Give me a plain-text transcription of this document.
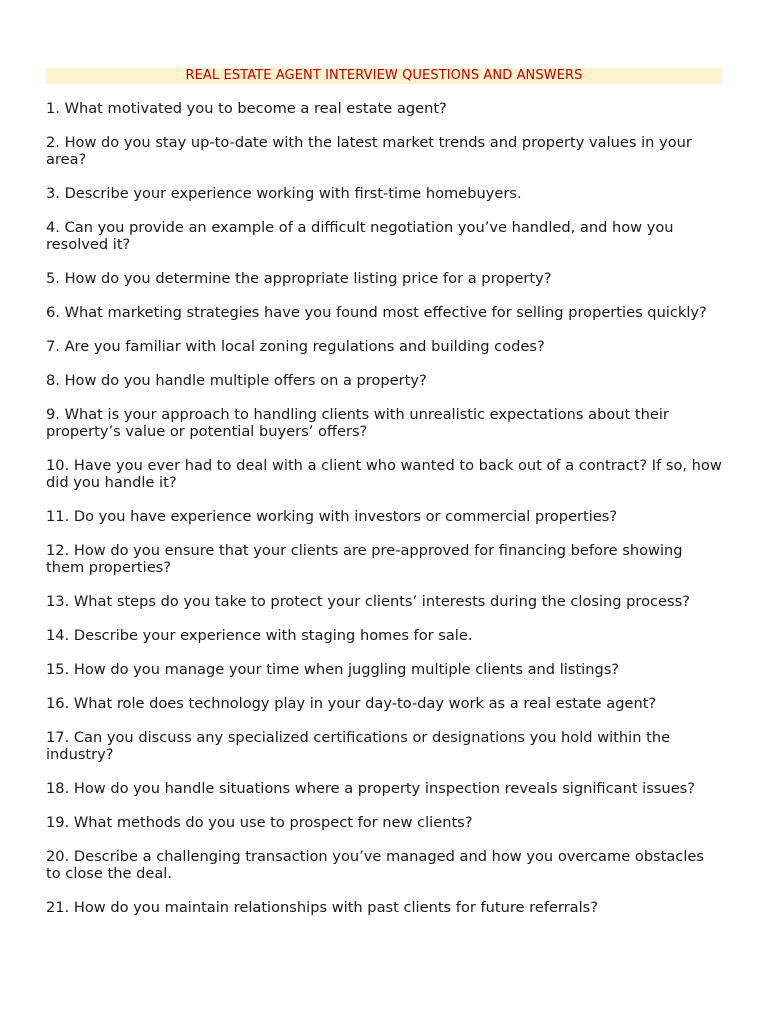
REAL ESTATE AGENT INTERVIEW QUESTIONS AND ANSWERS
1. What motivated you to become a real estate agent?
2. How do you stay up-to-date with the latest market trends and property values in your area?
3. Describe your experience working with first-time homebuyers.
4. Can you provide an example of a difficult negotiation you’ve handled, and how you resolved it?
5. How do you determine the appropriate listing price for a property?
6. What marketing strategies have you found most effective for selling properties quickly?
7. Are you familiar with local zoning regulations and building codes?
8. How do you handle multiple offers on a property?
9. What is your approach to handling clients with unrealistic expectations about their property’s value or potential buyers’ offers?
10. Have you ever had to deal with a client who wanted to back out of a contract? If so, how did you handle it?
11. Do you have experience working with investors or commercial properties?
12. How do you ensure that your clients are pre-approved for financing before showing them properties?
13. What steps do you take to protect your clients’ interests during the closing process?
14. Describe your experience with staging homes for sale.
15. How do you manage your time when juggling multiple clients and listings?
16. What role does technology play in your day-to-day work as a real estate agent?
17. Can you discuss any specialized certifications or designations you hold within the industry?
18. How do you handle situations where a property inspection reveals significant issues?
19. What methods do you use to prospect for new clients?
20. Describe a challenging transaction you’ve managed and how you overcame obstacles to close the deal.
21. How do you maintain relationships with past clients for future referrals?
